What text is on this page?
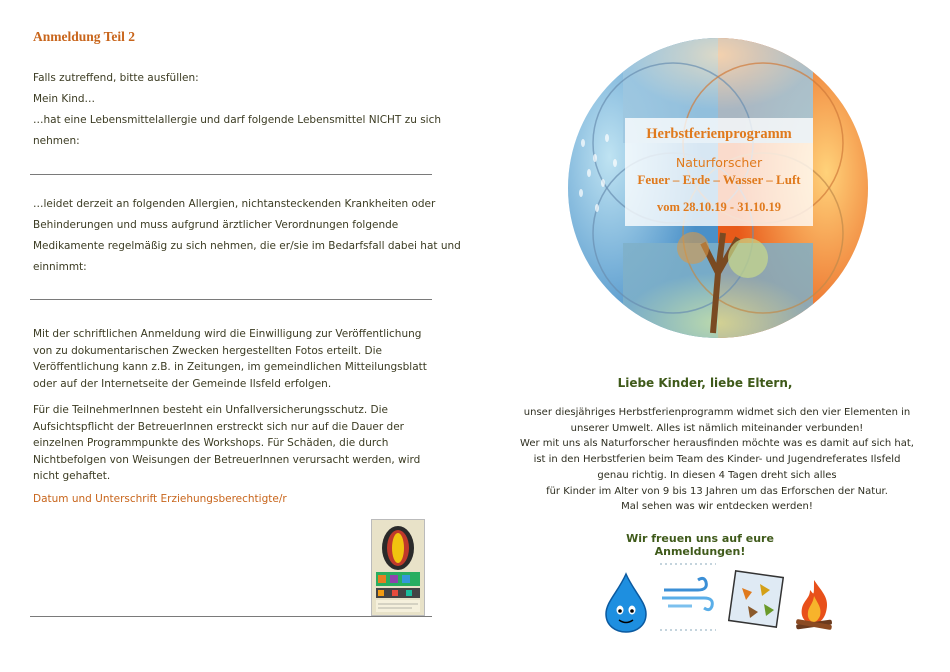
Anmeldung Teil 2
Falls zutreffend, bitte ausfüllen:
Mein Kind…
…hat eine Lebensmittelallergie und darf folgende Lebensmittel NICHT zu sich
nehmen:
…leidet derzeit an folgenden Allergien, nichtansteckenden Krankheiten oder
Behinderungen und muss aufgrund ärztlicher Verordnungen folgende
Medikamente regelmäßig zu sich nehmen, die er/sie im Bedarfsfall dabei hat und
einnimmt:
Mit der schriftlichen Anmeldung wird die Einwilligung zur Veröffentlichung von zu dokumentarischen Zwecken hergestellten Fotos erteilt. Die Veröffentlichung kann z.B. in Zeitungen, im gemeindlichen Mitteilungsblatt oder auf der Internetseite der Gemeinde Ilsfeld erfolgen.
Für die TeilnehmerInnen besteht ein Unfallversicherungsschutz. Die Aufsichtspflicht der BetreuerInnen erstreckt sich nur auf die Dauer der einzelnen Programmpunkte des Workshops. Für Schäden, die durch Nichtbefolgen von Weisungen der BetreuerInnen verursacht werden, wird nicht gehaftet.
Datum und Unterschrift Erziehungsberechtigte/r
Herbstferienprogramm
Naturforscher
Feuer – Erde – Wasser – Luft
vom 28.10.19 - 31.10.19
Liebe Kinder, liebe Eltern,
unser diesjähriges Herbstferienprogramm widmet sich den vier Elementen in
unserer Umwelt. Alles ist nämlich miteinander verbunden!
Wer mit uns als Naturforscher herausfinden möchte was es damit auf sich hat,
ist in den Herbstferien beim Team des Kinder- und Jugendreferates Ilsfeld
genau richtig. In diesen 4 Tagen dreht sich alles
für Kinder im Alter von 9 bis 13 Jahren um das Erforschen der Natur.
Mal sehen was wir entdecken werden!
Wir freuen uns auf eure Anmeldungen!
